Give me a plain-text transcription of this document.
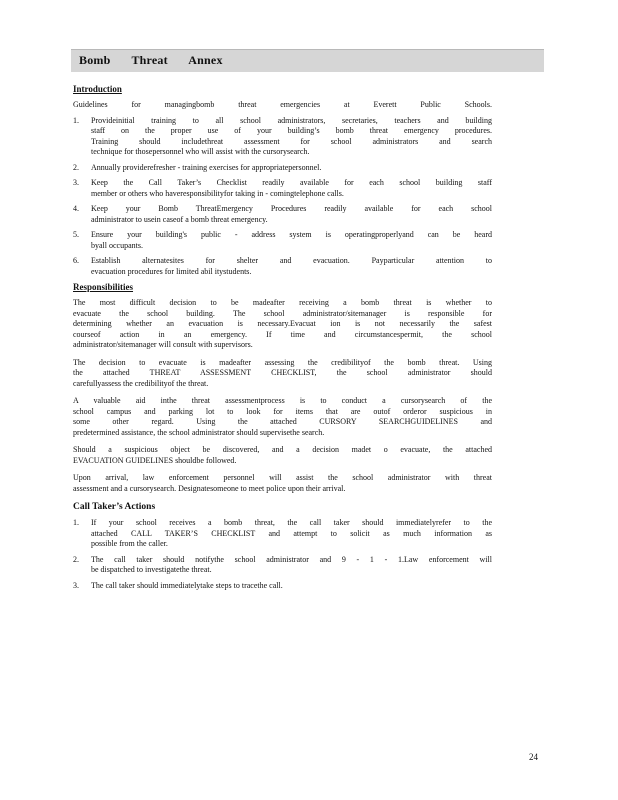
Bomb Threat Annex

Introduction

Guidelines for managingbomb threat emergencies at Everett Public Schools.

1. Provideinitial training to all school administrators, secretaries, teachers and building
staff on the proper use of your building’s bomb threat emergency procedures.
Training should includethreat assessment for school administrators and search
technique for thosepersonnel who will assist with the cursorysearch.
2. Annually providerefresher - training exercises for appropriatepersonnel.
3. Keep the Call Taker’s Checklist readily available for each school building staff
member or others who haveresponsibilityfor taking in - comingtelephone calls.
4. Keep your Bomb ThreatEmergency Procedures readily available for each school
administrator to usein caseof a bomb threat emergency.
5. Ensure your building's public - address system is operatingproperlyand can be heard
byall occupants.
6. Establish alternatesites for shelter and evacuation. Payparticular attention to
evacuation procedures for limited abil itystudents.

Responsibilities

The most difficult decision to be madeafter receiving a bomb threat is whether to
evacuate the school building. The school administrator/sitemanager is responsible for
determining whether an evacuation is necessary.Evacuat ion is not necessarily the safest
courseof action in an emergency. If time and circumstancespermit, the school
administrator/sitemanager will consult with supervisors.
The decision to evacuate is madeafter assessing the credibilityof the bomb threat. Using
the attached THREAT ASSESSMENT CHECKLIST, the school administrator should
carefullyassess the credibilityof the threat.
A valuable aid inthe threat assessmentprocess is to conduct a cursorysearch of the
school campus and parking lot to look for items that are outof orderor suspicious in
some other regard. Using the attached CURSORY SEARCHGUIDELINES and
predetermined assistance, the school administrator should supervisethe search.
Should a suspicious object be discovered, and a decision madet o evacuate, the attached
EVACUATION GUIDELINES shouldbe followed.
Upon arrival, law enforcement personnel will assist the school administrator with threat
assessment and a cursorysearch. Designatesomeone to meet police upon their arrival.

Call Taker’s Actions

1. If your school receives a bomb threat, the call taker should immediatelyrefer to the
attached CALL TAKER’S CHECKLIST and attempt to solicit as much information as
possible from the caller.
2. The call taker should notifythe school administrator and 9 - 1 - 1.Law enforcement will
be dispatched to investigatethe threat.
3. The call taker should immediatelytake steps to tracethe call.
24
